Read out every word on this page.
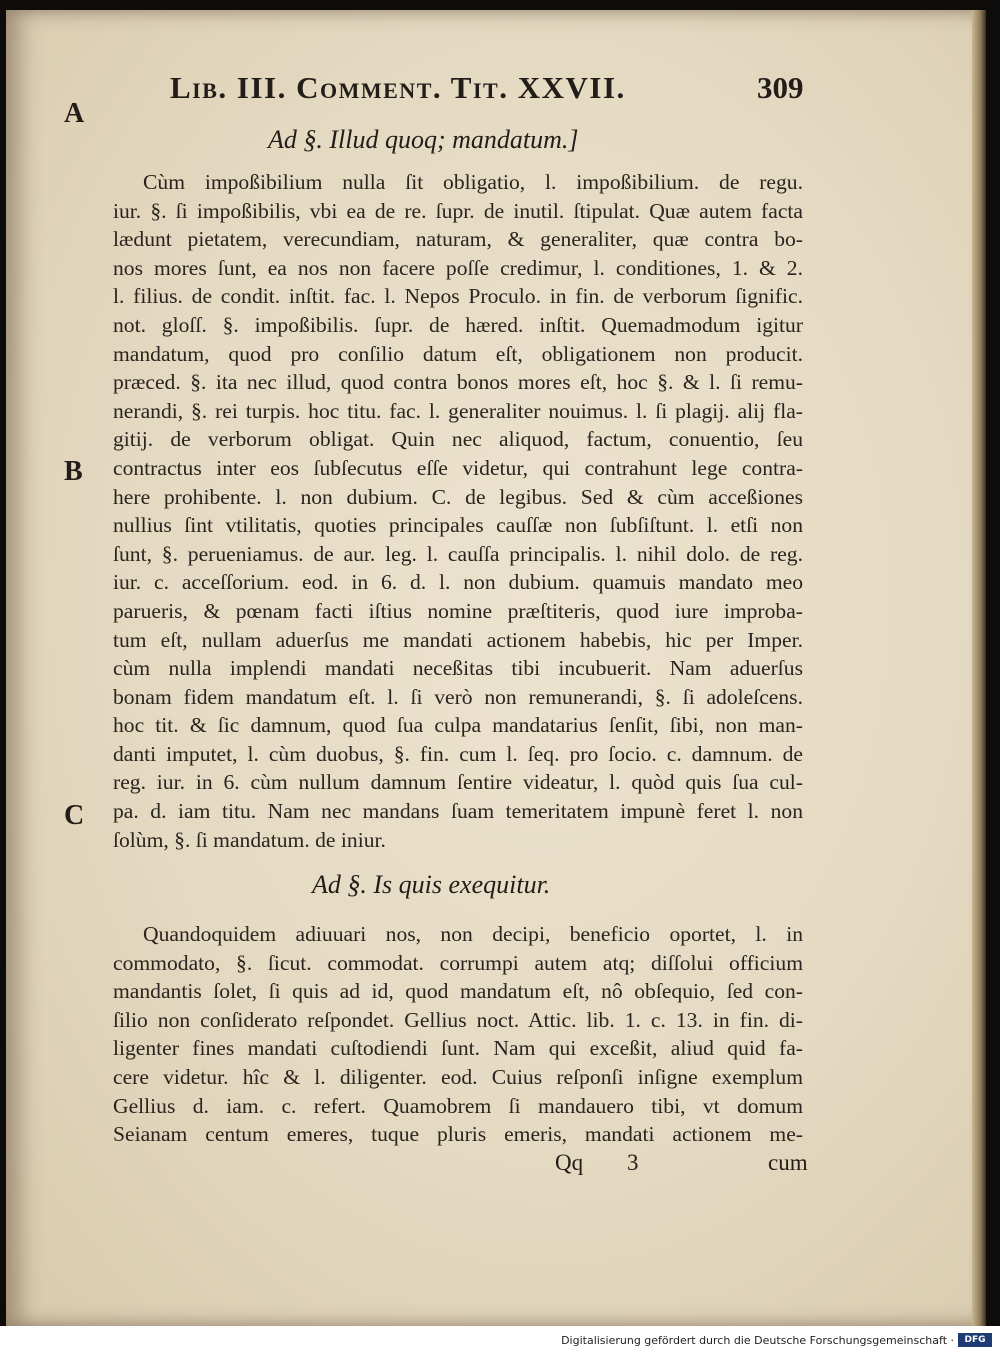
Lib. III. Comment. Tit. XXVII.	309
A
B
C
Ad §. Illud quoq; mandatum.]
Cùm impoßibilium nulla ſit obligatio, l. impoßibilium. de regu.
iur. §. ſi impoßibilis, vbi ea de re. ſupr. de inutil. ſtipulat. Quæ autem facta
lædunt pietatem, verecundiam, naturam, & generaliter, quæ contra bo-
nos mores ſunt, ea nos non facere poſſe credimur, l. conditiones, 1. & 2.
l. filius. de condit. inſtit. fac. l. Nepos Proculo. in fin. de verborum ſignific.
not. gloſſ. §. impoßibilis. ſupr. de hæred. inſtit. Quemadmodum igitur
mandatum, quod pro conſilio datum eſt, obligationem non producit.
præced. §. ita nec illud, quod contra bonos mores eſt, hoc §. & l. ſi remu-
nerandi, §. rei turpis. hoc titu. fac. l. generaliter nouimus. l. ſi plagij. alij fla-
gitij. de verborum obligat. Quin nec aliquod, factum, conuentio, ſeu
contractus inter eos ſubſecutus eſſe videtur, qui contrahunt lege contra-
here prohibente. l. non dubium. C. de legibus. Sed & cùm acceßiones
nullius ſint vtilitatis, quoties principales cauſſæ non ſubſiſtunt. l. etſi non
ſunt, §. perueniamus. de aur. leg. l. cauſſa principalis. l. nihil dolo. de reg.
iur. c. acceſſorium. eod. in 6. d. l. non dubium. quamuis mandato meo
parueris, & pœnam facti iſtius nomine præſtiteris, quod iure improba-
tum eſt, nullam aduerſus me mandati actionem habebis, hic per Imper.
cùm nulla implendi mandati neceßitas tibi incubuerit. Nam aduerſus
bonam fidem mandatum eſt. l. ſi verò non remunerandi, §. ſi adoleſcens.
hoc tit. & ſic damnum, quod ſua culpa mandatarius ſenſit, ſibi, non man-
danti imputet, l. cùm duobus, §. fin. cum l. ſeq. pro ſocio. c. damnum. de
reg. iur. in 6. cùm nullum damnum ſentire videatur, l. quòd quis ſua cul-
pa. d. iam titu. Nam nec mandans ſuam temeritatem impunè feret l. non
ſolùm, §. ſi mandatum. de iniur.
Ad §. Is quis exequitur.
Quandoquidem adiuuari nos, non decipi, beneficio oportet, l. in
commodato, §. ſicut. commodat. corrumpi autem atq; diſſolui officium
mandantis ſolet, ſi quis ad id, quod mandatum eſt, nô obſequio, ſed con-
ſilio non conſiderato reſpondet. Gellius noct. Attic. lib. 1. c. 13. in fin. di-
ligenter fines mandati cuſtodiendi ſunt. Nam qui exceßit, aliud quid fa-
cere videtur. hîc & l. diligenter. eod. Cuius reſponſi inſigne exemplum
Gellius d. iam. c. refert. Quamobrem ſi mandauero tibi, vt domum
Seianam centum emeres, tuque pluris emeris, mandati actionem me-
Qq 3	cum
Digitalisierung gefördert durch die Deutsche Forschungsgemeinschaft ·	DFG
